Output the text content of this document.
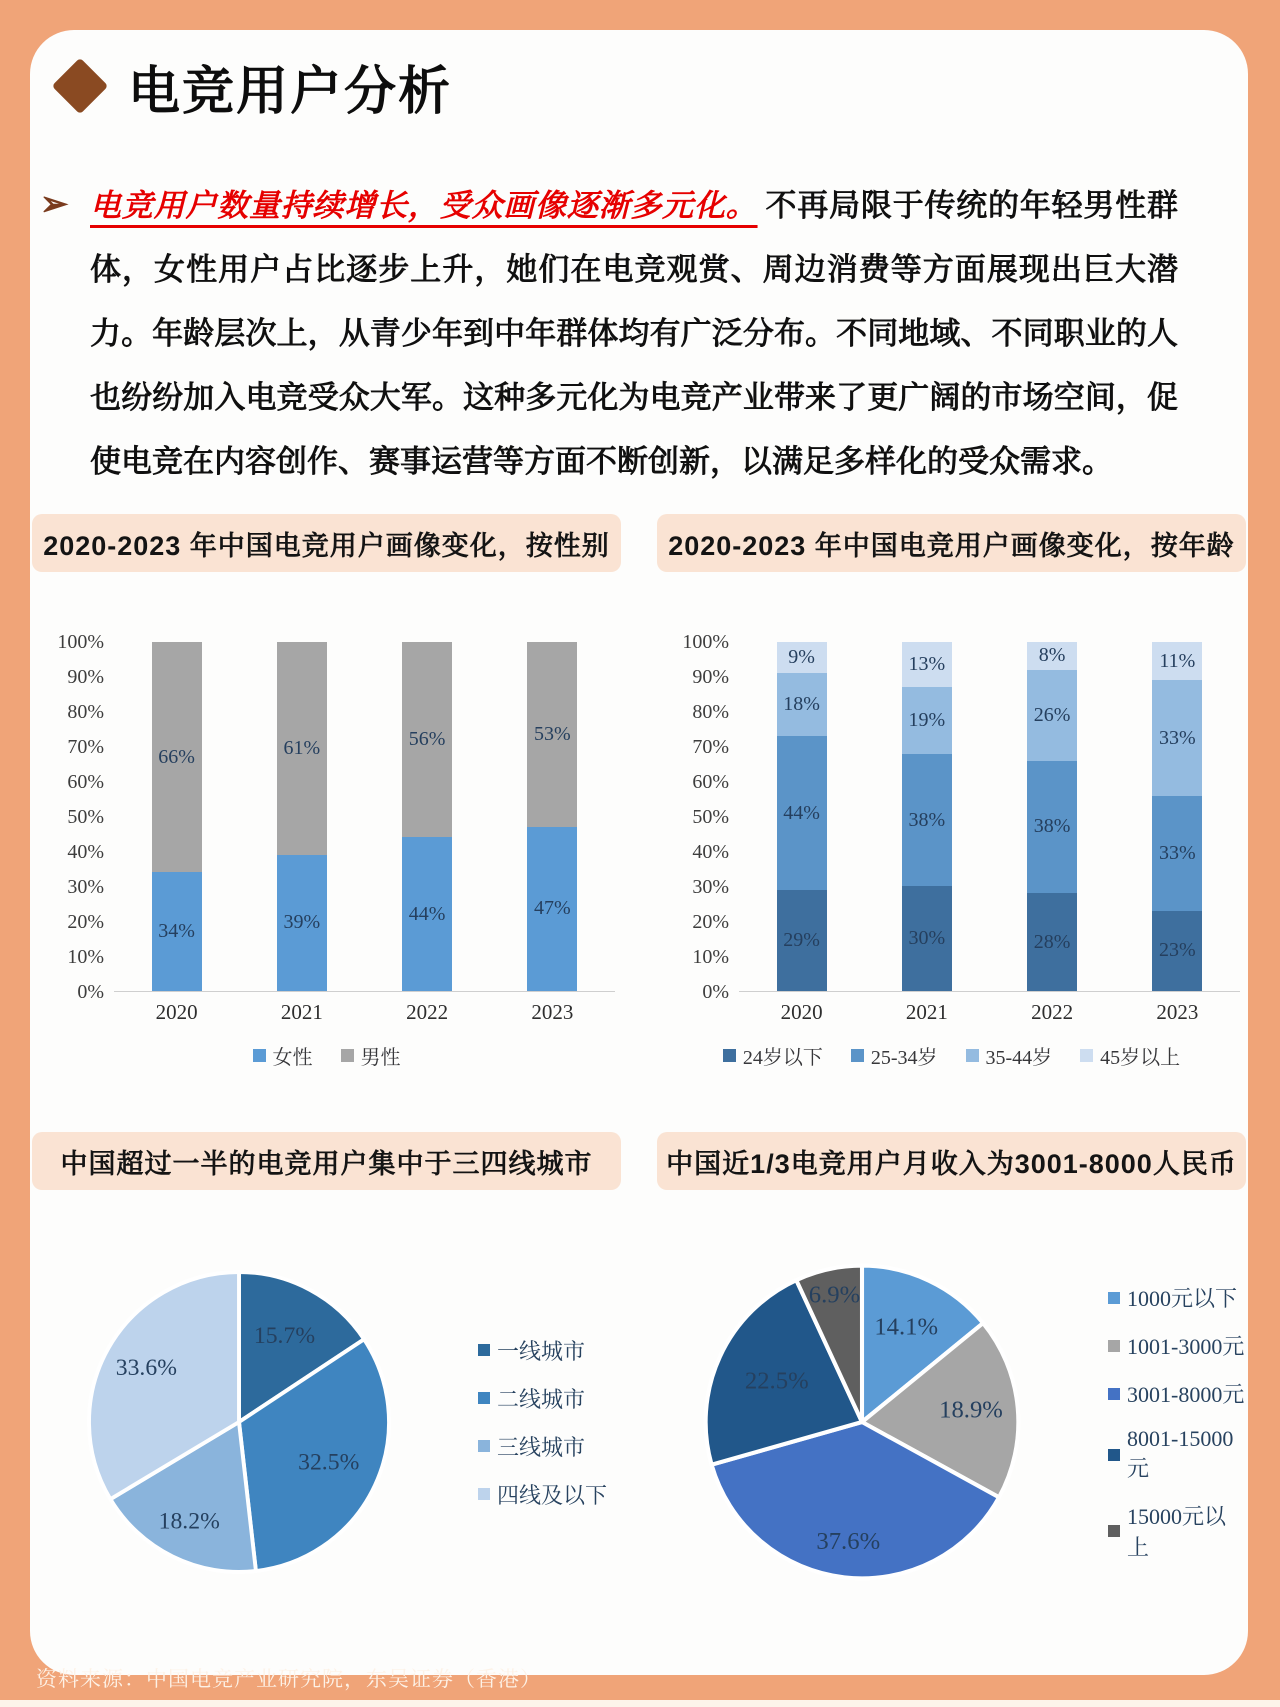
电竞用户分析
➢ 电竞用户数量持续增长，受众画像逐渐多元化。 不再局限于传统的年轻男性群体，女性用户占比逐步上升，她们在电竞观赏、周边消费等方面展现出巨大潜力。年龄层次上，从青少年到中年群体均有广泛分布。不同地域、不同职业的人也纷纷加入电竞受众大军。这种多元化为电竞产业带来了更广阔的市场空间，促使电竞在内容创作、赛事运营等方面不断创新，以满足多样化的受众需求。

2020-2023 年中国电竞用户画像变化，按性别	2020-2023 年中国电竞用户画像变化，按年龄
100%
90%
80%
70%
60%
50%
40%
30%
20%
10%
0%
34%
66%
39%
61%
44%
56%
47%
53%
2020	2021	2022	2023
女性 男性
100%
90%
80%
70%
60%
50%
40%
30%
20%
10%
0%
29%
44%
18%
9%
30%
38%
19%
13%
28%
38%
26%
8%
23%
33%
33%
11%
2020	2021	2022	2023
24岁以下 25-34岁 35-44岁 45岁以上
中国超过一半的电竞用户集中于三四线城市	中国近1/3电竞用户月收入为3001-8000人民币
一线城市
二线城市
三线城市
四线及以下
1000元以下
1001-3000元
3001-8000元
8001-15000元
15000元以上
资料来源：中国电竞产业研究院，东吴证券（香港）
